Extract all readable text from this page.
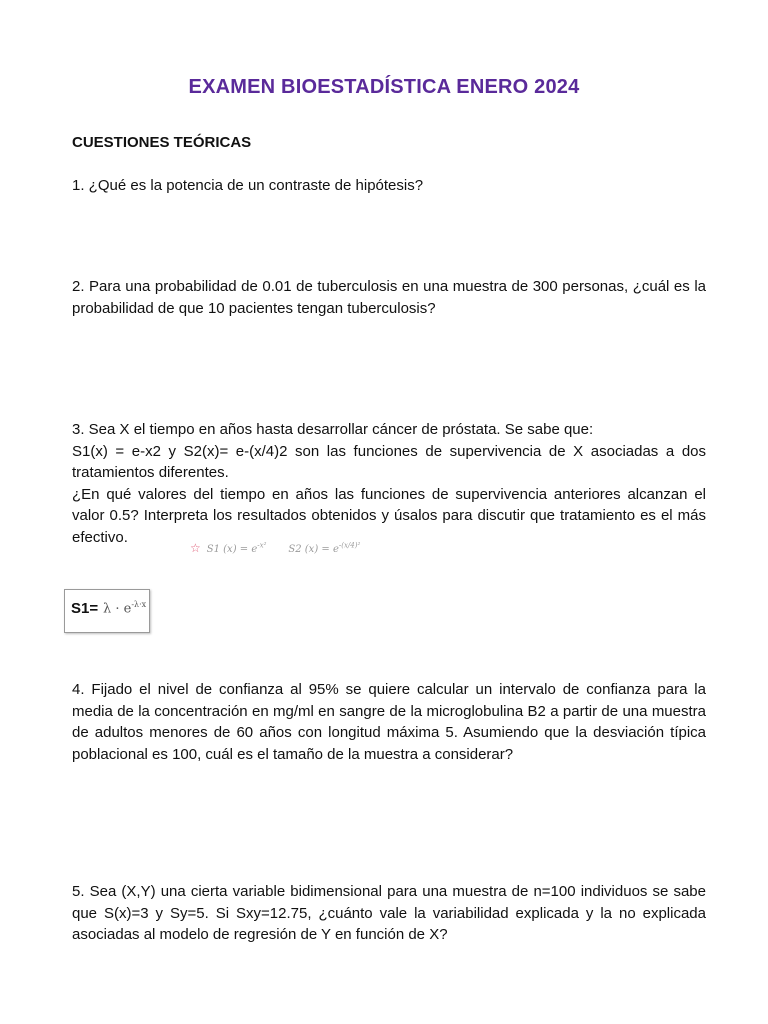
EXAMEN BIOESTADÍSTICA ENERO 2024
CUESTIONES TEÓRICAS

1. ¿Qué es la potencia de un contraste de hipótesis?

2. Para una probabilidad de 0.01 de tuberculosis en una muestra de 300 personas, ¿cuál es la probabilidad de que 10 pacientes tengan tuberculosis?

3. Sea X el tiempo en años hasta desarrollar cáncer de próstata. Se sabe que:

S1(x) = e-x2 y S2(x)= e-(x/4)2 son las funciones de supervivencia de X asociadas a dos tratamientos diferentes.

¿En qué valores del tiempo en años las funciones de supervivencia anteriores alcanzan el valor 0.5? Interpreta los resultados obtenidos y úsalos para discutir que tratamiento es el más efectivo.

☆ S1 $(x) = e^{-x^2}$ S2 $(x) = e^{-(x/4)^2}$
$S1= \lambda \cdot e^{-\lambda\cdot x}$

4. Fijado el nivel de confianza al 95% se quiere calcular un intervalo de confianza para la media de la concentración en mg/ml en sangre de la microglobulina B2 a partir de una muestra de adultos menores de 60 años con longitud máxima 5. Asumiendo que la desviación típica poblacional es 100, cuál es el tamaño de la muestra a considerar?

5. Sea (X,Y) una cierta variable bidimensional para una muestra de n=100 individuos se sabe que S(x)=3 y Sy=5. Si Sxy=12.75, ¿cuánto vale la variabilidad explicada y la no explicada asociadas al modelo de regresión de Y en función de X?
